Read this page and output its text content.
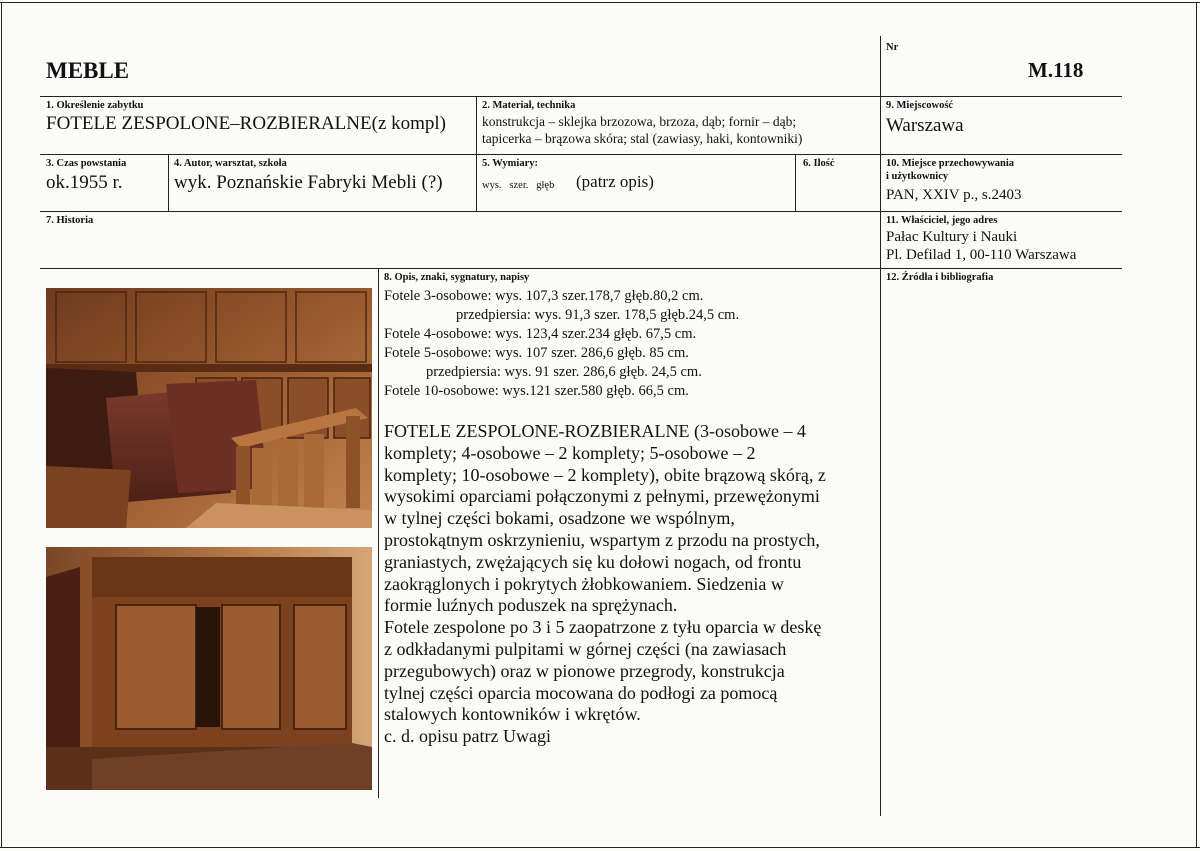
MEBLE
Nr
M.118
1. Określenie zabytku
FOTELE ZESPOLONE–ROZBIERALNE(z kompl)
2. Materiał, technika
konstrukcja – sklejka brzozowa, brzoza, dąb; fornir – dąb;
tapicerka – brązowa skóra; stal (zawiasy, haki, kontowniki)
9. Miejscowość
Warszawa
3. Czas powstania
ok.1955 r.
4. Autor, warsztat, szkoła
wyk. Poznańskie Fabryki Mebli (?)
5. Wymiary:
wys.   szer.   głęb (patrz opis)
6. Ilość	10. Miejsce przechowywania
i użytkownicy
PAN, XXIV p., s.2403
7. Historia	11. Właściciel, jego adres
Pałac Kultury i Nauki
Pl. Defilad 1, 00-110 Warszawa
12. Źródła i bibliografia
8. Opis, znaki, sygnatury, napisy
Fotele 3-osobowe: wys. 107,3 szer.178,7 głęb.80,2 cm.
przedpiersia: wys. 91,3 szer. 178,5 głęb.24,5 cm.
Fotele 4-osobowe: wys. 123,4 szer.234 głęb. 67,5 cm.
Fotele 5-osobowe: wys. 107 szer. 286,6 głęb. 85 cm.
przedpiersia: wys. 91 szer. 286,6 głęb. 24,5 cm.
Fotele 10-osobowe: wys.121 szer.580 głęb. 66,5 cm.
FOTELE ZESPOLONE-ROZBIERALNE (3-osobowe – 4
komplety; 4-osobowe – 2 komplety; 5-osobowe – 2
komplety; 10-osobowe – 2 komplety), obite brązową skórą, z
wysokimi oparciami połączonymi z pełnymi, przewężonymi
w tylnej części bokami, osadzone we wspólnym,
prostokątnym oskrzynieniu, wspartym z przodu na prostych,
graniastych, zwężających się ku dołowi nogach, od frontu
zaokrąglonych i pokrytych żłobkowaniem. Siedzenia w
formie luźnych poduszek na sprężynach.
Fotele zespolone po 3 i 5 zaopatrzone z tyłu oparcia w deskę
z odkładanymi pulpitami w górnej części (na zawiasach
przegubowych) oraz w pionowe przegrody, konstrukcja
tylnej części oparcia mocowana do podłogi za pomocą
stalowych kontowników i wkrętów.
c. d. opisu patrz Uwagi
